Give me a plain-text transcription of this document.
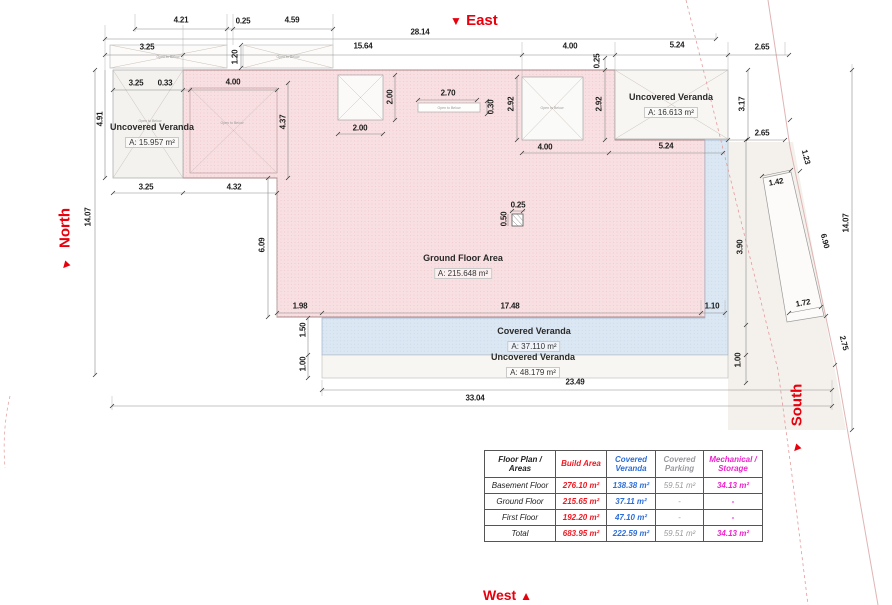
4.21	0.25	4.59
28.14
3.25	15.64	4.00	5.24	2.65
1.20
3.25 0.33	4.00
4.91
14.07
4.37
3.25	4.32
2.00
2.00
2.70
0.30 2.92
0.25
2.92	3.17
2.65
4.00	5.24
0.25
0.50
6.09
1.98	17.48	1.10
1.50
1.00
3.90
1.00
23.49
33.04
1.23
1.42
6.90
14.07
1.72
2.75
Open to Below	Open to Below
Open to Below	Open to Below
Open to Below
Open to Below
Uncovered Veranda
A: 15.957 m²
Uncovered Veranda
A: 16.613 m²
Ground Floor Area
A: 215.648 m²
Covered Veranda
A: 37.110 m²
Uncovered Veranda
A: 48.179 m²
▼ East
North
▼
South
▼
West ▲
Floor Plan / Areas	Build Area	Covered Veranda	Covered Parking	Mechanical / Storage
Basement Floor	276.10 m²	138.38 m²	59.51 m²	34.13 m²
Ground Floor	215.65 m²	37.11 m²	-	-
First Floor	192.20 m²	47.10 m²	-	-
Total	683.95 m²	222.59 m²	59.51 m²	34.13 m²
